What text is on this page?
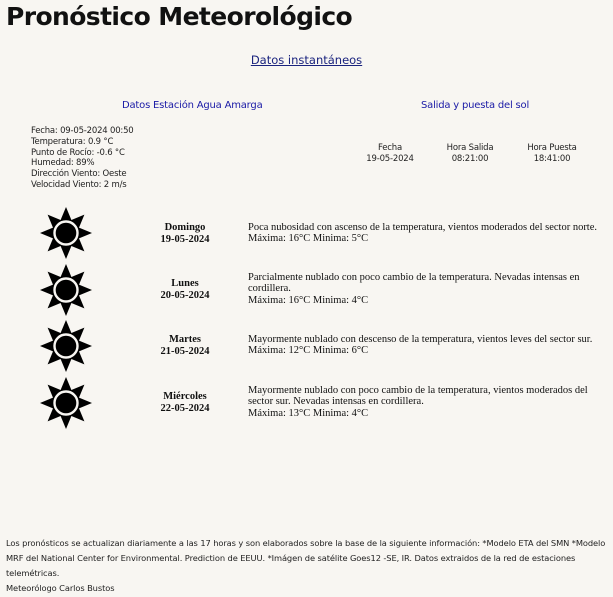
Pronóstico Meteorológico
Datos instantáneos
Datos Estación Agua Amarga	Salida y puesta del sol
Fecha: 09-05-2024 00:50
Temperatura: 0.9 °C
Punto de Rocío: -0.6 °C
Humedad: 89%
Dirección Viento: Oeste
Velocidad Viento: 2 m/s
Fecha
19-05-2024
Hora Salida
08:21:00
Hora Puesta
18:41:00
Domingo
19-05-2024
Poca nubosidad con ascenso de la temperatura, vientos moderados del sector norte.
Máxima: 16°C Minima: 5°C
Lunes
20-05-2024
Parcialmente nublado con poco cambio de la temperatura. Nevadas intensas en cordillera.
Máxima: 16°C Minima: 4°C
Martes
21-05-2024
Mayormente nublado con descenso de la temperatura, vientos leves del sector sur.
Máxima: 12°C Minima: 6°C
Miércoles
22-05-2024
Mayormente nublado con poco cambio de la temperatura, vientos moderados del sector sur. Nevadas intensas en cordillera.
Máxima: 13°C Minima: 4°C
Los pronósticos se actualizan diariamente a las 17 horas y son elaborados sobre la base de la siguiente información: *Modelo ETA del SMN *Modelo MRF del National Center for Environmental. Prediction de EEUU. *Imágen de satélite Goes12 -SE, IR. Datos extraidos de la red de estaciones telemétricas.
Meteorólogo Carlos Bustos
